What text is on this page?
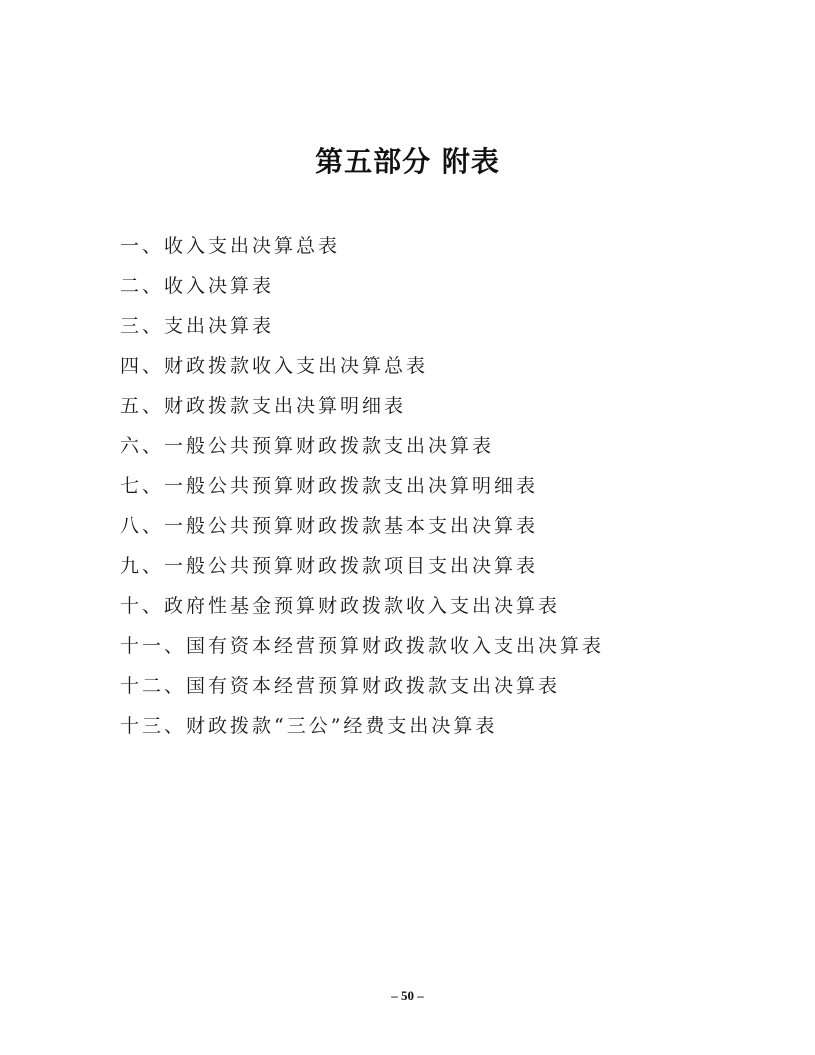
第五部分 附表
一、收入支出决算总表
二、收入决算表
三、支出决算表
四、财政拨款收入支出决算总表
五、财政拨款支出决算明细表
六、一般公共预算财政拨款支出决算表
七、一般公共预算财政拨款支出决算明细表
八、一般公共预算财政拨款基本支出决算表
九、一般公共预算财政拨款项目支出决算表
十、政府性基金预算财政拨款收入支出决算表
十一、国有资本经营预算财政拨款收入支出决算表
十二、国有资本经营预算财政拨款支出决算表
十三、财政拨款“三公”经费支出决算表
– 50 –
